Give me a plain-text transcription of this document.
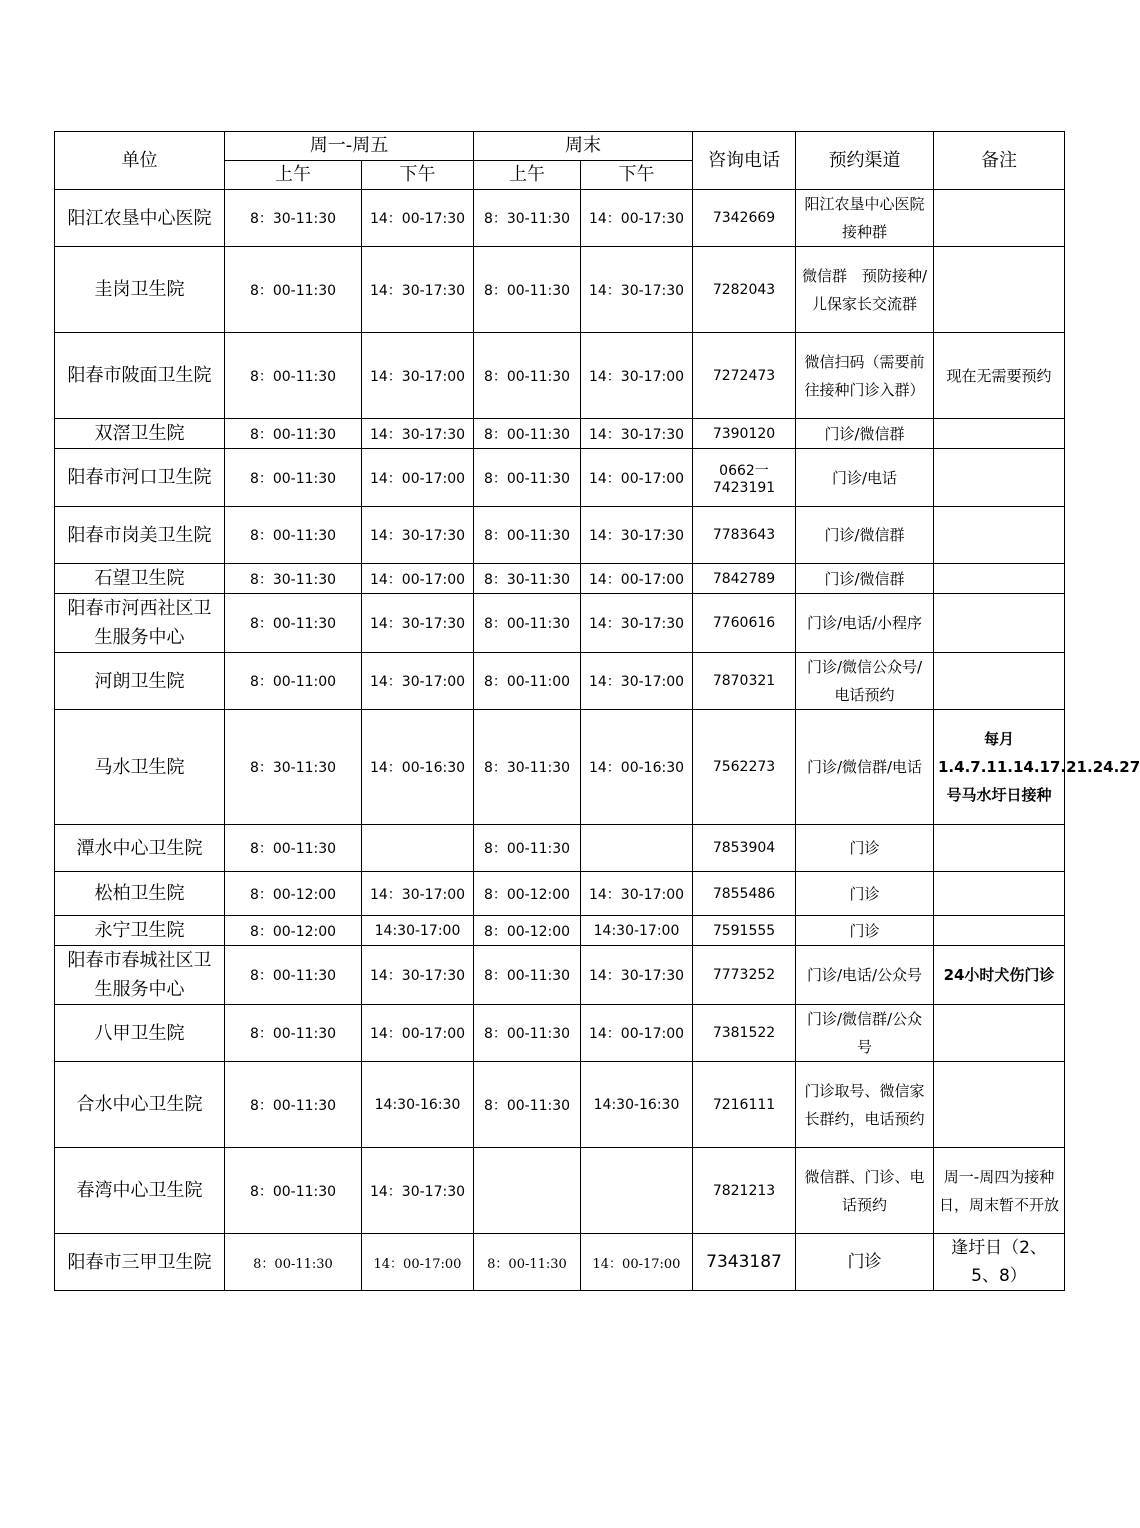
单位	周一-周五		周末		咨询电话	预约渠道	备注
	上午	下午	上午	下午			
阳江农垦中心医院	8：30-11:30	14：00-17:30	8：30-11:30	14：00-17:30	7342669	阳江农垦中心医院接种群	
圭岗卫生院	8：00-11:30	14：30-17:30	8：00-11:30	14：30-17:30	7282043	微信群　预防接种/儿保家长交流群	
阳春市陂面卫生院	8：00-11:30	14：30-17:00	8：00-11:30	14：30-17:00	7272473	微信扫码（需要前往接种门诊入群）	现在无需要预约
双滘卫生院	8：00-11:30	14：30-17:30	8：00-11:30	14：30-17:30	7390120	门诊/微信群	
阳春市河口卫生院	8：00-11:30	14：00-17:00	8：00-11:30	14：00-17:00	0662一7423191	门诊/电话	
阳春市岗美卫生院	8：00-11:30	14：30-17:30	8：00-11:30	14：30-17:30	7783643	门诊/微信群	
石望卫生院	8：30-11:30	14：00-17:00	8：30-11:30	14：00-17:00	7842789	门诊/微信群	
阳春市河西社区卫生服务中心	8：00-11:30	14：30-17:30	8：00-11:30	14：30-17:30	7760616	门诊/电话/小程序	
河朗卫生院	8：00-11:00	14：30-17:00	8：00-11:00	14：30-17:00	7870321	门诊/微信公众号/电话预约	
马水卫生院	8：30-11:30	14：00-16:30	8：30-11:30	14：00-16:30	7562273	门诊/微信群/电话	每月1.4.7.11.14.17.21.24.27号马水圩日接种
潭水中心卫生院	8：00-11:30		8：00-11:30		7853904	门诊	
松柏卫生院	8：00-12:00	14：30-17:00	8：00-12:00	14：30-17:00	7855486	门诊	
永宁卫生院	8：00-12:00	14:30-17:00	8：00-12:00	14:30-17:00	7591555	门诊	
阳春市春城社区卫生服务中心	8：00-11:30	14：30-17:30	8：00-11:30	14：30-17:30	7773252	门诊/电话/公众号	24小时犬伤门诊
八甲卫生院	8：00-11:30	14：00-17:00	8：00-11:30	14：00-17:00	7381522	门诊/微信群/公众号	
合水中心卫生院	8：00-11:30	14:30-16:30	8：00-11:30	14:30-16:30	7216111	门诊取号、微信家长群约，电话预约	
春湾中心卫生院	8：00-11:30	14：30-17:30			7821213	微信群、门诊、电话预约	周一-周四为接种日，周末暂不开放
阳春市三甲卫生院	8：00-11:30	14：00-17:00	8：00-11:30	14：00-17:00	7343187	门诊	逢圩日（2、5、8）
